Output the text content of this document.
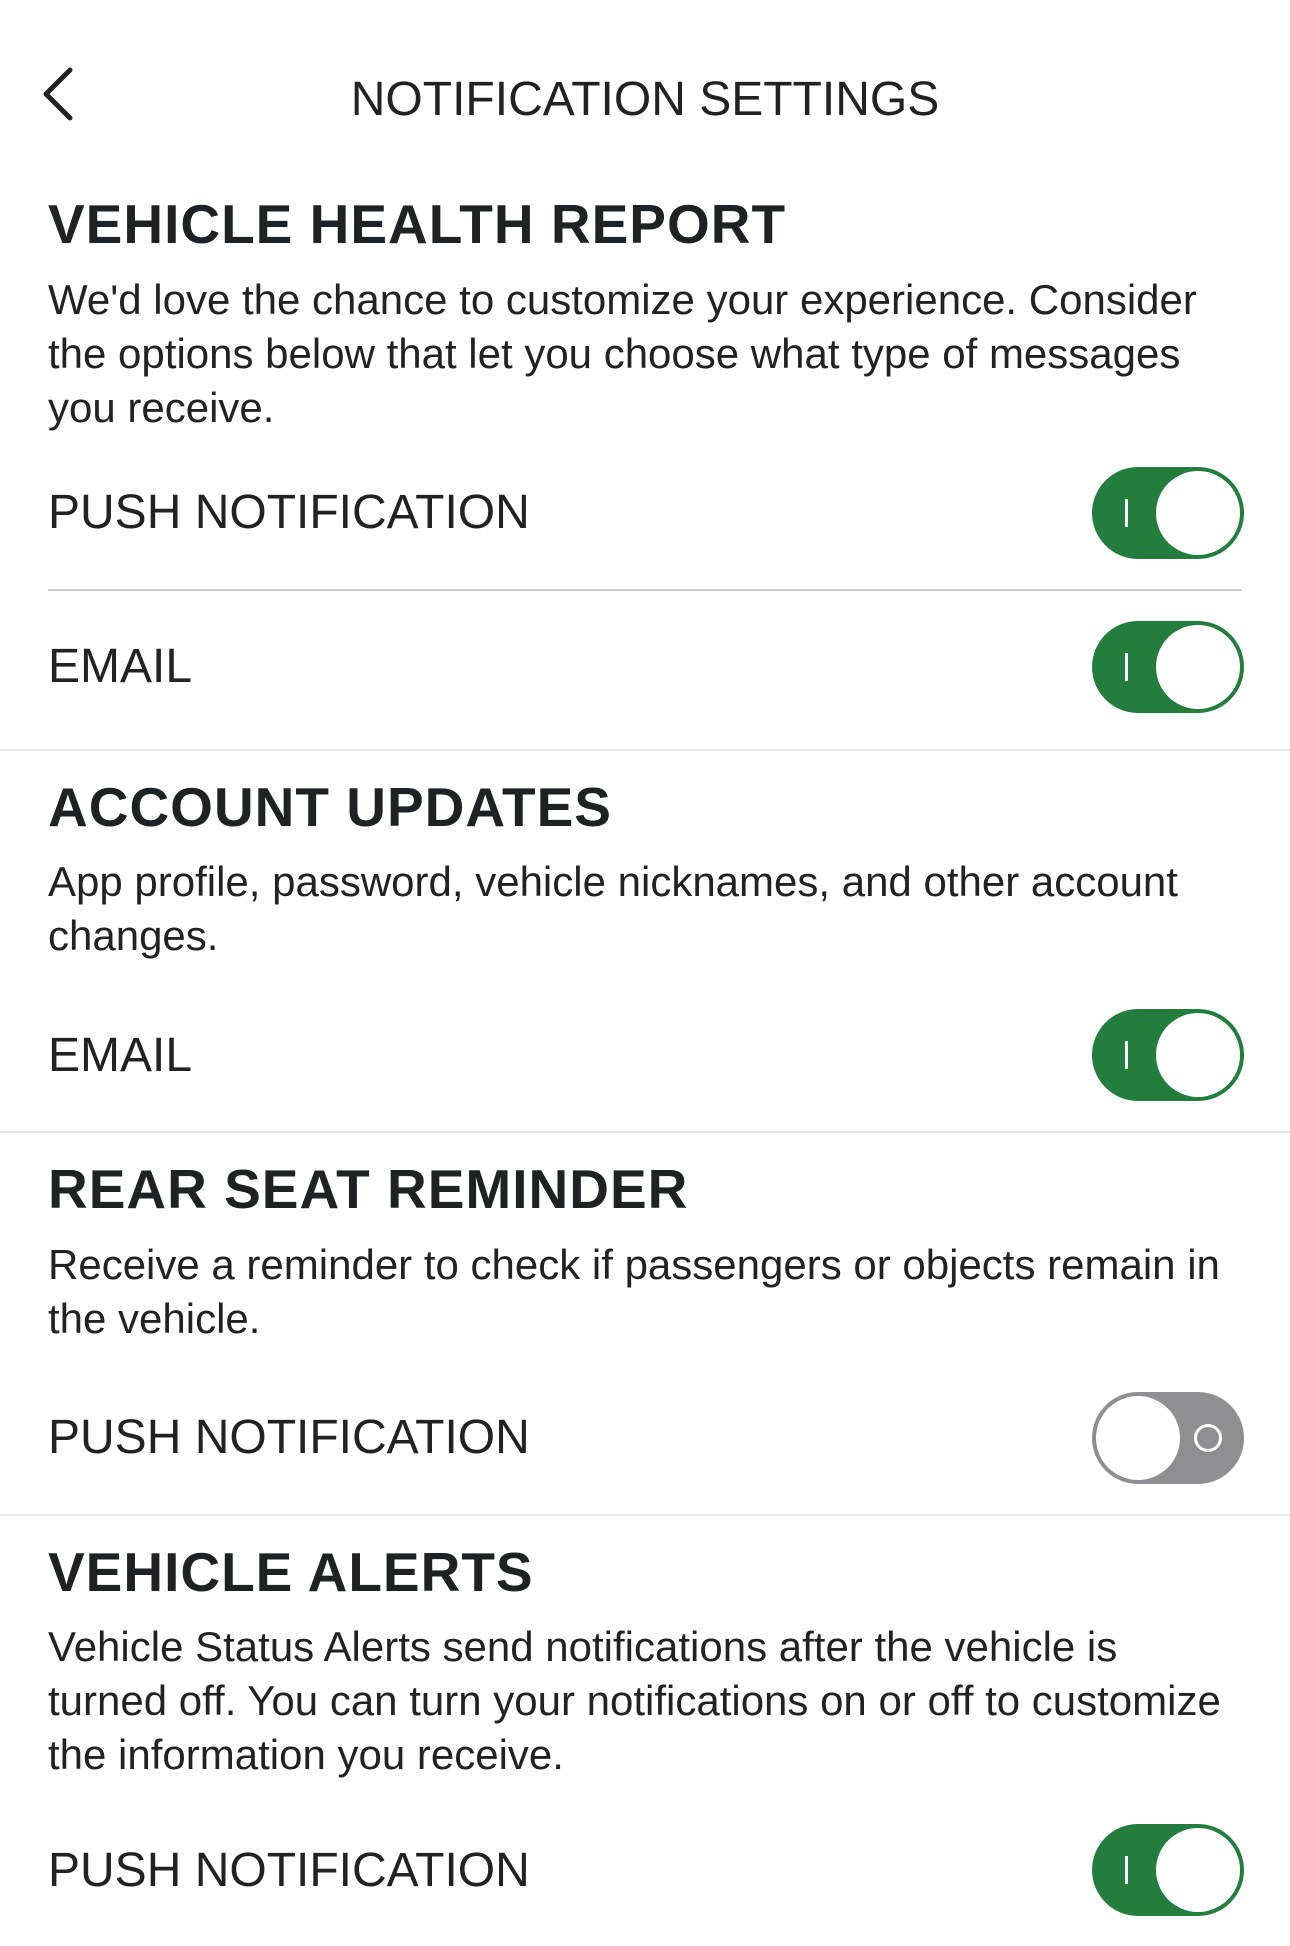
NOTIFICATION SETTINGS
VEHICLE HEALTH REPORT

We'd love the chance to customize your experience. Consider the options below that let you choose what type of messages you receive.

PUSH NOTIFICATION
EMAIL
ACCOUNT UPDATES

App profile, password, vehicle nicknames, and other account changes.

EMAIL
REAR SEAT REMINDER

Receive a reminder to check if passengers or objects remain in the vehicle.

PUSH NOTIFICATION
VEHICLE ALERTS

Vehicle Status Alerts send notifications after the vehicle is turned off. You can turn your notifications on or off to customize the information you receive.

PUSH NOTIFICATION
